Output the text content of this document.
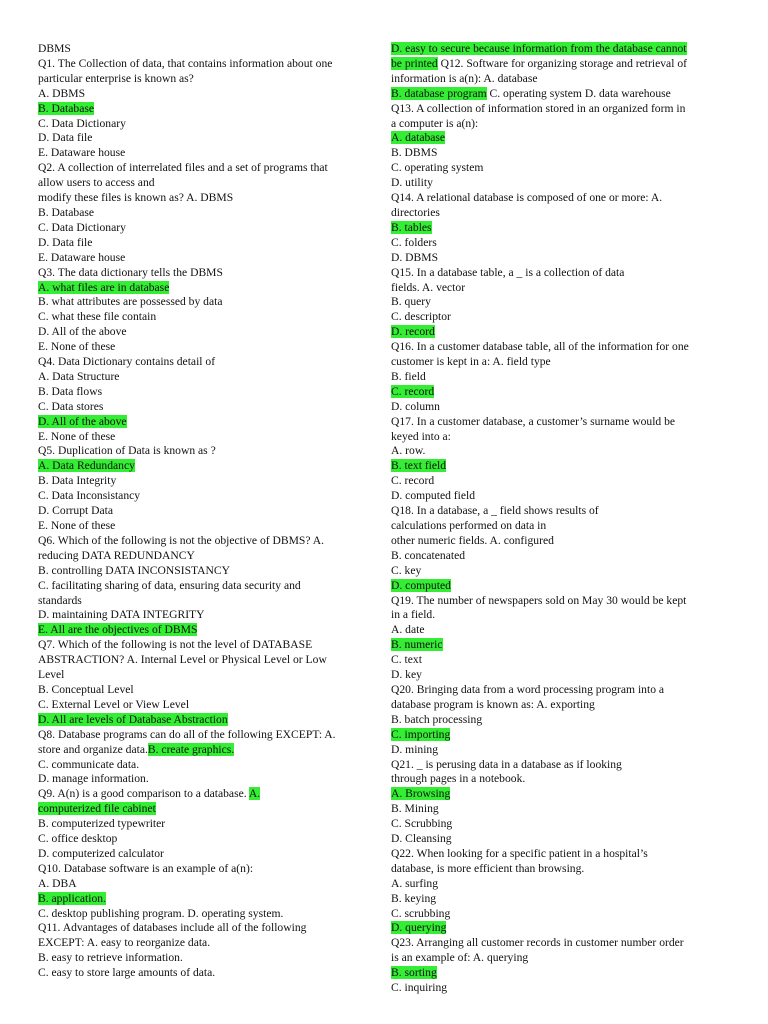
DBMS
Q1. The Collection of data, that contains information about one
particular enterprise is known as?
A. DBMS
B. Database
C. Data Dictionary
D. Data file
E. Dataware house
Q2. A collection of interrelated files and a set of programs that
allow users to access and
modify these files is known as? A. DBMS
B. Database
C. Data Dictionary
D. Data file
E. Dataware house
Q3. The data dictionary tells the DBMS
A. what files are in database
B. what attributes are possessed by data
C. what these file contain
D. All of the above
E. None of these
Q4. Data Dictionary contains detail of
A. Data Structure
B. Data flows
C. Data stores
D. All of the above
E. None of these
Q5. Duplication of Data is known as ?
A. Data Redundancy
B. Data Integrity
C. Data Inconsistancy
D. Corrupt Data
E. None of these
Q6. Which of the following is not the objective of DBMS? A.
reducing DATA REDUNDANCY
B. controlling DATA INCONSISTANCY
C. facilitating sharing of data, ensuring data security and
standards
D. maintaining DATA INTEGRITY
E. All are the objectives of DBMS
Q7. Which of the following is not the level of DATABASE
ABSTRACTION? A. Internal Level or Physical Level or Low
Level
B. Conceptual Level
C. External Level or View Level
D. All are levels of Database Abstraction
Q8. Database programs can do all of the following EXCEPT: A.
store and organize data.B. create graphics.
C. communicate data.
D. manage information.
Q9. A(n) is a good comparison to a database. A.
computerized file cabinet
B. computerized typewriter
C. office desktop
D. computerized calculator
Q10. Database software is an example of a(n):
A. DBA
B. application.
C. desktop publishing program. D. operating system.
Q11. Advantages of databases include all of the following
EXCEPT: A. easy to reorganize data.
B. easy to retrieve information.
C. easy to store large amounts of data.
D. easy to secure because information from the database cannot
be printed Q12. Software for organizing storage and retrieval of
information is a(n): A. database
B. database program C. operating system D. data warehouse
Q13. A collection of information stored in an organized form in
a computer is a(n):
A. database
B. DBMS
C. operating system
D. utility
Q14. A relational database is composed of one or more: A.
directories
B. tables
C. folders
D. DBMS
Q15. In a database table, a _ is a collection of data
fields. A. vector
B. query
C. descriptor
D. record
Q16. In a customer database table, all of the information for one
customer is kept in a: A. field type
B. field
C. record
D. column
Q17. In a customer database, a customer’s surname would be
keyed into a:
A. row.
B. text field
C. record
D. computed field
Q18. In a database, a _ field shows results of
calculations performed on data in
other numeric fields. A. configured
B. concatenated
C. key
D. computed
Q19. The number of newspapers sold on May 30 would be kept
in a field.
A. date
B. numeric
C. text
D. key
Q20. Bringing data from a word processing program into a
database program is known as: A. exporting
B. batch processing
C. importing
D. mining
Q21. _ is perusing data in a database as if looking
through pages in a notebook.
A. Browsing
B. Mining
C. Scrubbing
D. Cleansing
Q22. When looking for a specific patient in a hospital’s
database, is more efficient than browsing.
A. surfing
B. keying
C. scrubbing
D. querying
Q23. Arranging all customer records in customer number order
is an example of: A. querying
B. sorting
C. inquiring
